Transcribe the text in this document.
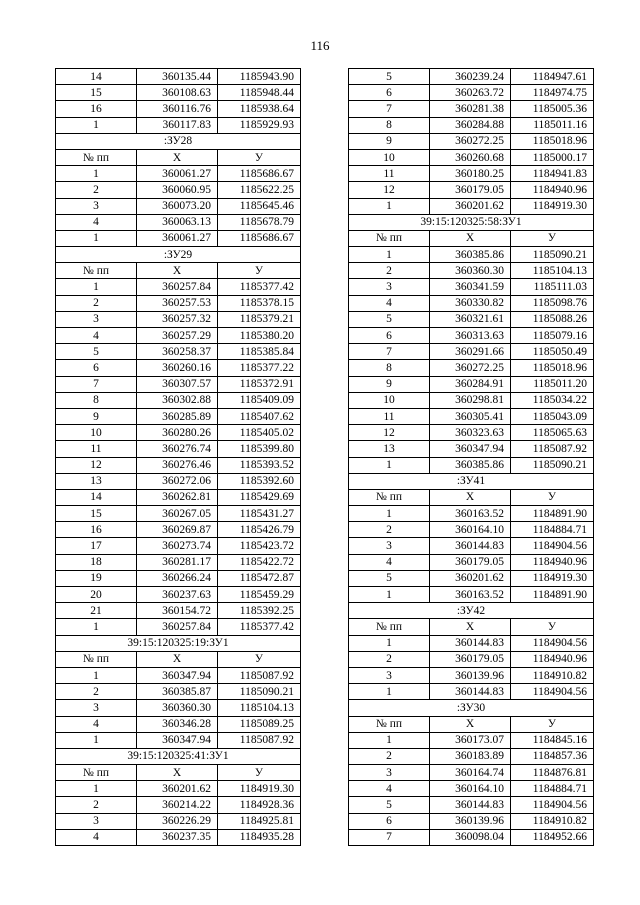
116
14	360135.44	1185943.90
15	360108.63	1185948.44
16	360116.76	1185938.64
1	360117.83	1185929.93
:ЗУ28		
№ пп	Х	У
1	360061.27	1185686.67
2	360060.95	1185622.25
3	360073.20	1185645.46
4	360063.13	1185678.79
1	360061.27	1185686.67
:ЗУ29		
№ пп	Х	У
1	360257.84	1185377.42
2	360257.53	1185378.15
3	360257.32	1185379.21
4	360257.29	1185380.20
5	360258.37	1185385.84
6	360260.16	1185377.22
7	360307.57	1185372.91
8	360302.88	1185409.09
9	360285.89	1185407.62
10	360280.26	1185405.02
11	360276.74	1185399.80
12	360276.46	1185393.52
13	360272.06	1185392.60
14	360262.81	1185429.69
15	360267.05	1185431.27
16	360269.87	1185426.79
17	360273.74	1185423.72
18	360281.17	1185422.72
19	360266.24	1185472.87
20	360237.63	1185459.29
21	360154.72	1185392.25
1	360257.84	1185377.42
39:15:120325:19:ЗУ1		
№ пп	Х	У
1	360347.94	1185087.92
2	360385.87	1185090.21
3	360360.30	1185104.13
4	360346.28	1185089.25
1	360347.94	1185087.92
39:15:120325:41:ЗУ1		
№ пп	Х	У
1	360201.62	1184919.30
2	360214.22	1184928.36
3	360226.29	1184925.81
4	360237.35	1184935.28
5	360239.24	1184947.61
6	360263.72	1184974.75
7	360281.38	1185005.36
8	360284.88	1185011.16
9	360272.25	1185018.96
10	360260.68	1185000.17
11	360180.25	1184941.83
12	360179.05	1184940.96
1	360201.62	1184919.30
39:15:120325:58:ЗУ1		
№ пп	Х	У
1	360385.86	1185090.21
2	360360.30	1185104.13
3	360341.59	1185111.03
4	360330.82	1185098.76
5	360321.61	1185088.26
6	360313.63	1185079.16
7	360291.66	1185050.49
8	360272.25	1185018.96
9	360284.91	1185011.20
10	360298.81	1185034.22
11	360305.41	1185043.09
12	360323.63	1185065.63
13	360347.94	1185087.92
1	360385.86	1185090.21
:ЗУ41		
№ пп	Х	У
1	360163.52	1184891.90
2	360164.10	1184884.71
3	360144.83	1184904.56
4	360179.05	1184940.96
5	360201.62	1184919.30
1	360163.52	1184891.90
:ЗУ42		
№ пп	Х	У
1	360144.83	1184904.56
2	360179.05	1184940.96
3	360139.96	1184910.82
1	360144.83	1184904.56
:ЗУ30		
№ пп	Х	У
1	360173.07	1184845.16
2	360183.89	1184857.36
3	360164.74	1184876.81
4	360164.10	1184884.71
5	360144.83	1184904.56
6	360139.96	1184910.82
7	360098.04	1184952.66
